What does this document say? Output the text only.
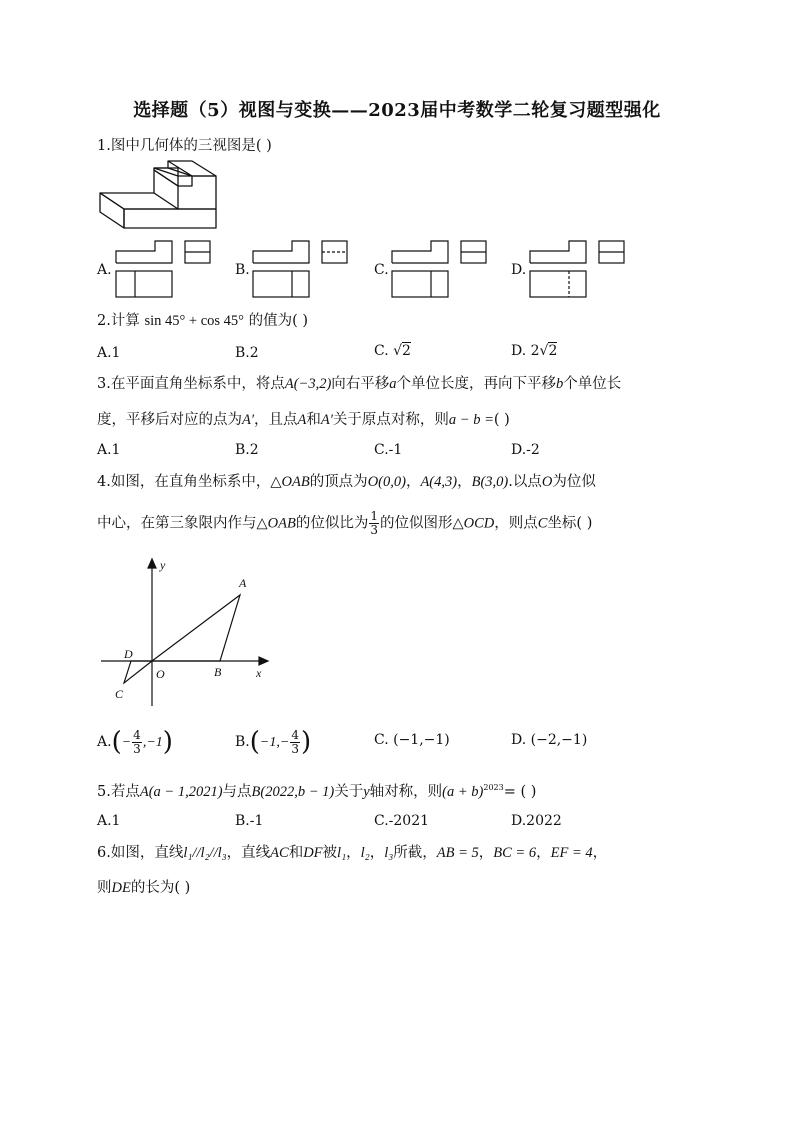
选择题（5）视图与变换——2023届中考数学二轮复习题型强化
1.图中几何体的三视图是( )
A.	B.	C.	D.
2.计算 sin 45° + cos 45° 的值为( )
A.1	B.2	C. √2	D. 2√2
3.在平面直角坐标系中，将点A(−3,2)向右平移a个单位长度，再向下平移b个单位长
度，平移后对应的点为A′，且点A和A′关于原点对称，则a − b =( )
A.1	B.2	C.-1	D.-2
4.如图，在直角坐标系中，△OAB的顶点为O(0,0)，A(4,3)，B(3,0).以点O为位似
中心，在第三象限内作与△OAB的位似比为 $\frac{1}{3}$ 的位似图形△OCD，则点C坐标( )
y
x
A
B
O
C
D
$A.(- \frac{4}{3} ,-1)$	$B.(-1,- \frac{4}{3}$ )	C. (−1,−1)	D. (−2,−1)
5.若点A(a − 1,2021)与点B(2022,b − 1)关于y轴对称，则$(a + b)^{2023}=$ ( )
A.1	B.-1	C.-2021	D.2022
6.如图，直线l₁//l₂//l₃，直线AC和DF被l₁，l₂，l₃所截，AB = 5，BC = 6，EF = 4，
则DE的长为( )
